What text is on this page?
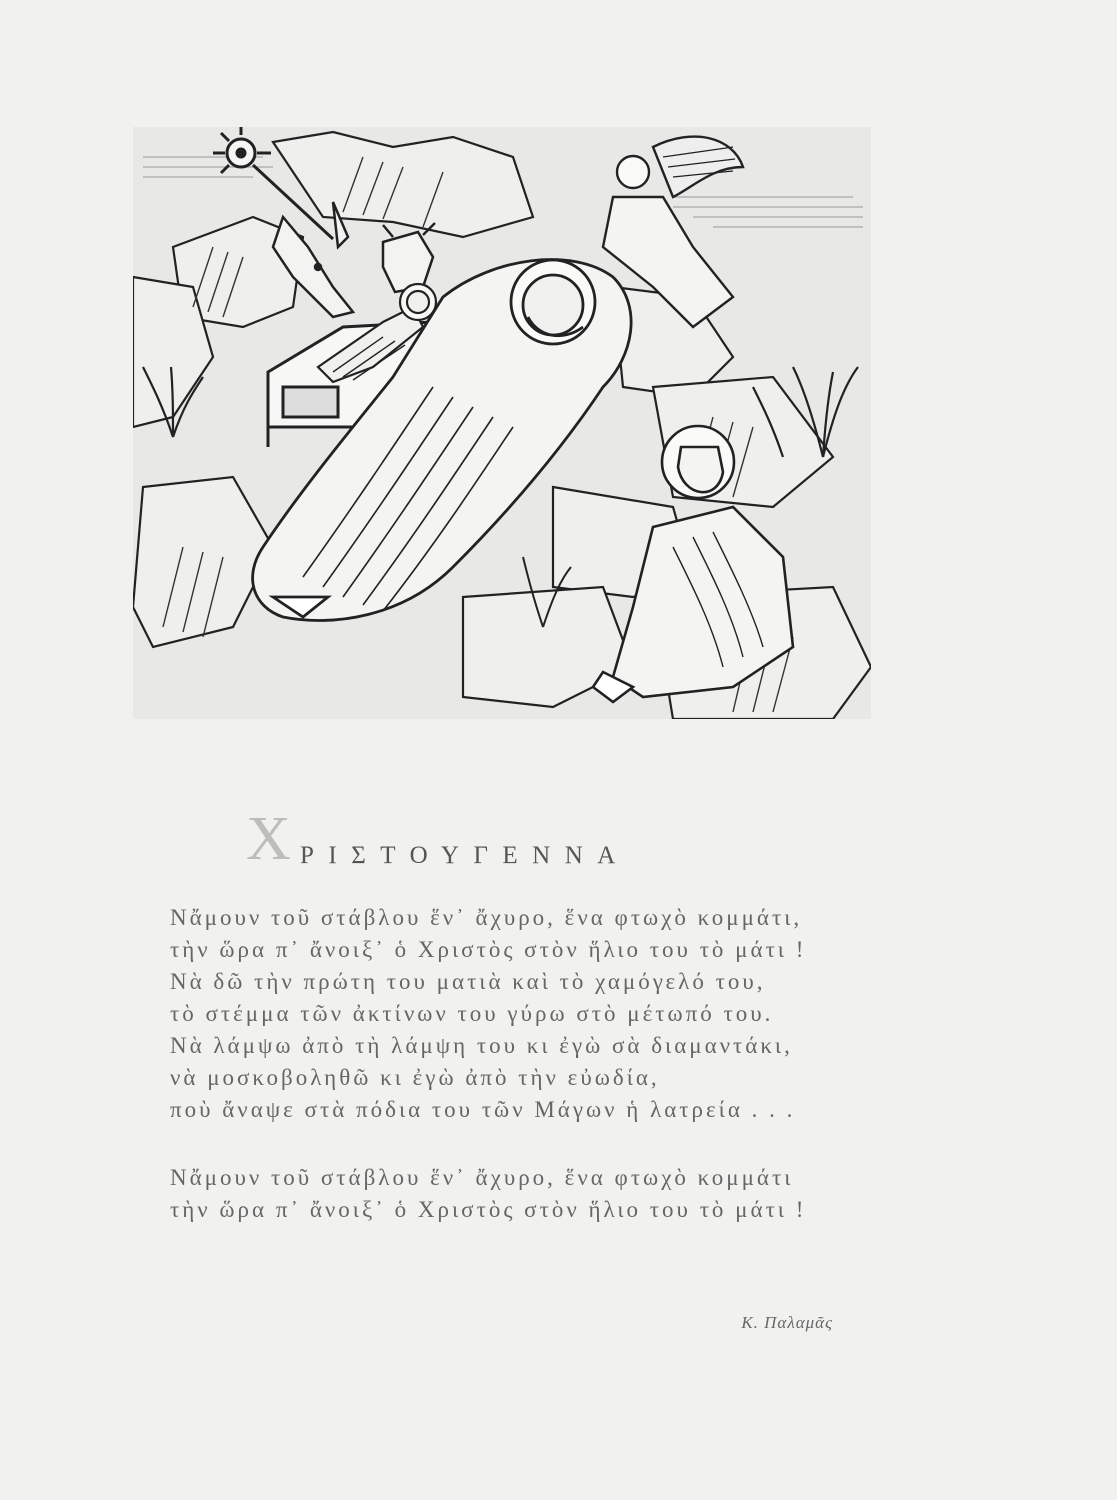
Χ ΡΙΣΤΟΥΓΕΝΝΑ
Νἄμουν τοῦ στάβλου ἕν᾿ ἄχυρο, ἕνα φτωχὸ κομμάτι,
τὴν ὥρα π᾿ ἄνοιξ᾿ ὁ Χριστὸς στὸν ἥλιο του τὸ μάτι !
Νὰ δῶ τὴν πρώτη του ματιὰ καὶ τὸ χαμόγελό του,
τὸ στέμμα τῶν ἀκτίνων του γύρω στὸ μέτωπό του.
Νὰ λάμψω ἀπὸ τὴ λάμψη του κι ἐγὼ σὰ διαμαντάκι,
νὰ μοσκοβοληθῶ κι ἐγὼ ἀπὸ τὴν εὐωδία,
ποὺ ἄναψε στὰ πόδια του τῶν Μάγων ἡ λατρεία . . .
Νἄμουν τοῦ στάβλου ἕν᾿ ἄχυρο, ἕνα φτωχὸ κομμάτι
τὴν ὥρα π᾿ ἄνοιξ᾿ ὁ Χριστὸς στὸν ἥλιο του τὸ μάτι !
Κ. Παλαμᾶς
